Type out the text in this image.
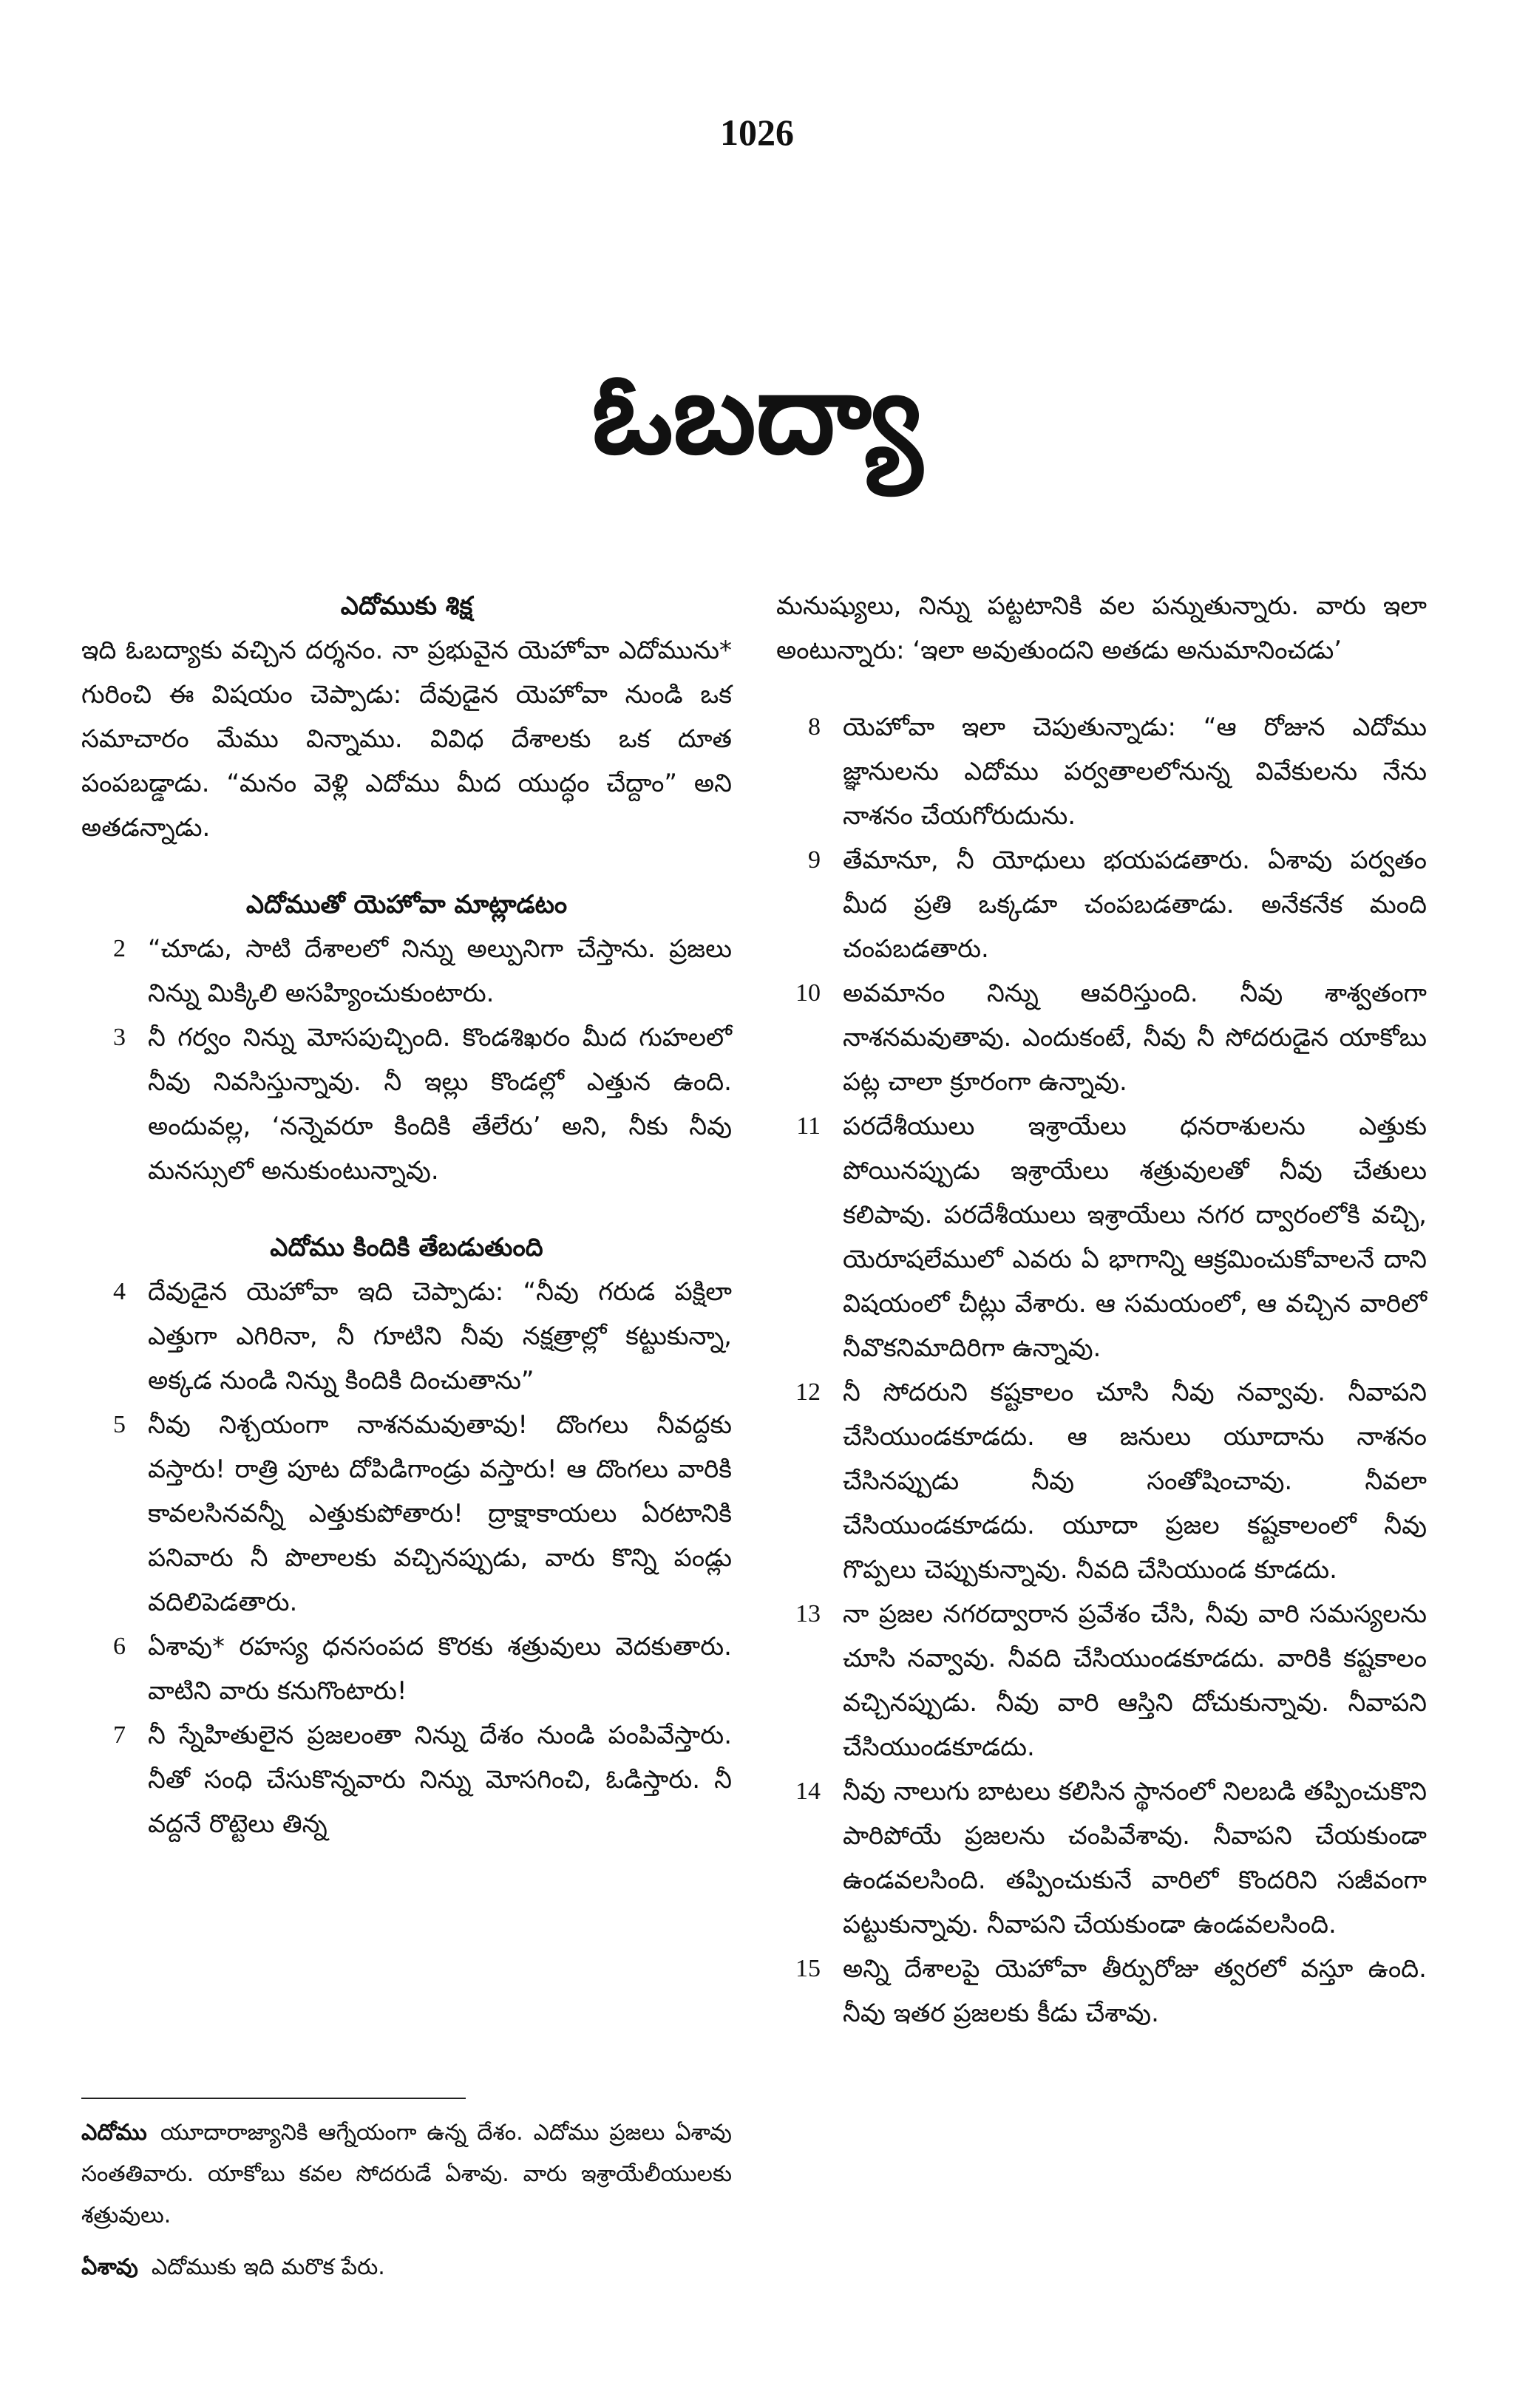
1026
ఓబద్యా

ఎదోముకు శిక్ష

ఇది ఓబద్యాకు వచ్చిన దర్శనం. నా ప్రభువైన యెహోవా ఎదోమును* గురించి ఈ విషయం చెప్పాడు: దేవుడైన యెహోవా నుండి ఒక సమాచారం మేము విన్నాము. వివిధ దేశాలకు ఒక దూత పంపబడ్డాడు. “మనం వెళ్లి ఎదోము మీద యుద్ధం చేద్దాం” అని అతడన్నాడు.

ఎదోముతో యెహోవా మాట్లాడటం

2 “చూడు, సాటి దేశాలలో నిన్ను అల్పునిగా చేస్తాను. ప్రజలు నిన్ను మిక్కిలి అసహ్యించుకుంటారు.

3 నీ గర్వం నిన్ను మోసపుచ్చింది. కొండశిఖరం మీద గుహలలో నీవు నివసిస్తున్నావు. నీ ఇల్లు కొండల్లో ఎత్తున ఉంది. అందువల్ల, ‘నన్నెవరూ కిందికి తేలేరు’ అని, నీకు నీవు మనస్సులో అనుకుంటున్నావు.

ఎదోము కిందికి తేబడుతుంది

4 దేవుడైన యెహోవా ఇది చెప్పాడు: “నీవు గరుడ పక్షిలా ఎత్తుగా ఎగిరినా, నీ గూటిని నీవు నక్షత్రాల్లో కట్టుకున్నా, అక్కడ నుండి నిన్ను కిందికి దించుతాను”

5 నీవు నిశ్చయంగా నాశనమవుతావు! దొంగలు నీవద్దకు వస్తారు! రాత్రి పూట దోపిడిగాండ్రు వస్తారు! ఆ దొంగలు వారికి కావలసినవన్నీ ఎత్తుకుపోతారు! ద్రాక్షాకాయలు ఏరటానికి పనివారు నీ పొలాలకు వచ్చినప్పుడు, వారు కొన్ని పండ్లు వదిలిపెడతారు.

6 ఏశావు* రహస్య ధనసంపద కొరకు శత్రువులు వెదకుతారు. వాటిని వారు కనుగొంటారు!

7 నీ స్నేహితులైన ప్రజలంతా నిన్ను దేశం నుండి పంపివేస్తారు. నీతో సంధి చేసుకొన్నవారు నిన్ను మోసగించి, ఓడిస్తారు. నీ వద్దనే రొట్టెలు తిన్న

మనుష్యులు, నిన్ను పట్టటానికి వల పన్నుతున్నారు. వారు ఇలా అంటున్నారు: ‘ఇలా అవుతుందని అతడు అనుమానించడు’

8 యెహోవా ఇలా చెపుతున్నాడు: “ఆ రోజున ఎదోము జ్ఞానులను ఎదోము పర్వతాలలోనున్న వివేకులను నేను నాశనం చేయగోరుదును.

9 తేమానూ, నీ యోధులు భయపడతారు. ఏశావు పర్వతం మీద ప్రతి ఒక్కడూ చంపబడతాడు. అనేకనేక మంది చంపబడతారు.

10 అవమానం నిన్ను ఆవరిస్తుంది. నీవు శాశ్వతంగా నాశనమవుతావు. ఎందుకంటే, నీవు నీ సోదరుడైన యాకోబు పట్ల చాలా క్రూరంగా ఉన్నావు.

11 పరదేశీయులు ఇశ్రాయేలు ధనరాశులను ఎత్తుకు పోయినప్పుడు ఇశ్రాయేలు శత్రువులతో నీవు చేతులు కలిపావు. పరదేశీయులు ఇశ్రాయేలు నగర ద్వారంలోకి వచ్చి, యెరూషలేములో ఎవరు ఏ భాగాన్ని ఆక్రమించుకోవాలనే దాని విషయంలో చీట్లు వేశారు. ఆ సమయంలో, ఆ వచ్చిన వారిలో నీవొకనిమాదిరిగా ఉన్నావు.

12 నీ సోదరుని కష్టకాలం చూసి నీవు నవ్వావు. నీవాపని చేసియుండకూడదు. ఆ జనులు యూదాను నాశనం చేసినప్పుడు నీవు సంతోషించావు. నీవలా చేసియుండకూడదు. యూదా ప్రజల కష్టకాలంలో నీవు గొప్పలు చెప్పుకున్నావు. నీవది చేసియుండ కూడదు.

13 నా ప్రజల నగరద్వారాన ప్రవేశం చేసి, నీవు వారి సమస్యలను చూసి నవ్వావు. నీవది చేసియుండకూడదు. వారికి కష్టకాలం వచ్చినప్పుడు. నీవు వారి ఆస్తిని దోచుకున్నావు. నీవాపని చేసియుండకూడదు.

14 నీవు నాలుగు బాటలు కలిసిన స్థానంలో నిలబడి తప్పించుకొని పారిపోయే ప్రజలను చంపివేశావు. నీవాపని చేయకుండా ఉండవలసింది. తప్పించుకునే వారిలో కొందరిని సజీవంగా పట్టుకున్నావు. నీవాపని చేయకుండా ఉండవలసింది.

15 అన్ని దేశాలపై యెహోవా తీర్పురోజు త్వరలో వస్తూ ఉంది. నీవు ఇతర ప్రజలకు కీడు చేశావు.

ఎదోము యూదారాజ్యానికి ఆగ్నేయంగా ఉన్న దేశం. ఎదోము ప్రజలు ఏశావు సంతతివారు. యాకోబు కవల సోదరుడే ఏశావు. వారు ఇశ్రాయేలీయులకు శత్రువులు.

ఏశావు ఎదోముకు ఇది మరొక పేరు.
